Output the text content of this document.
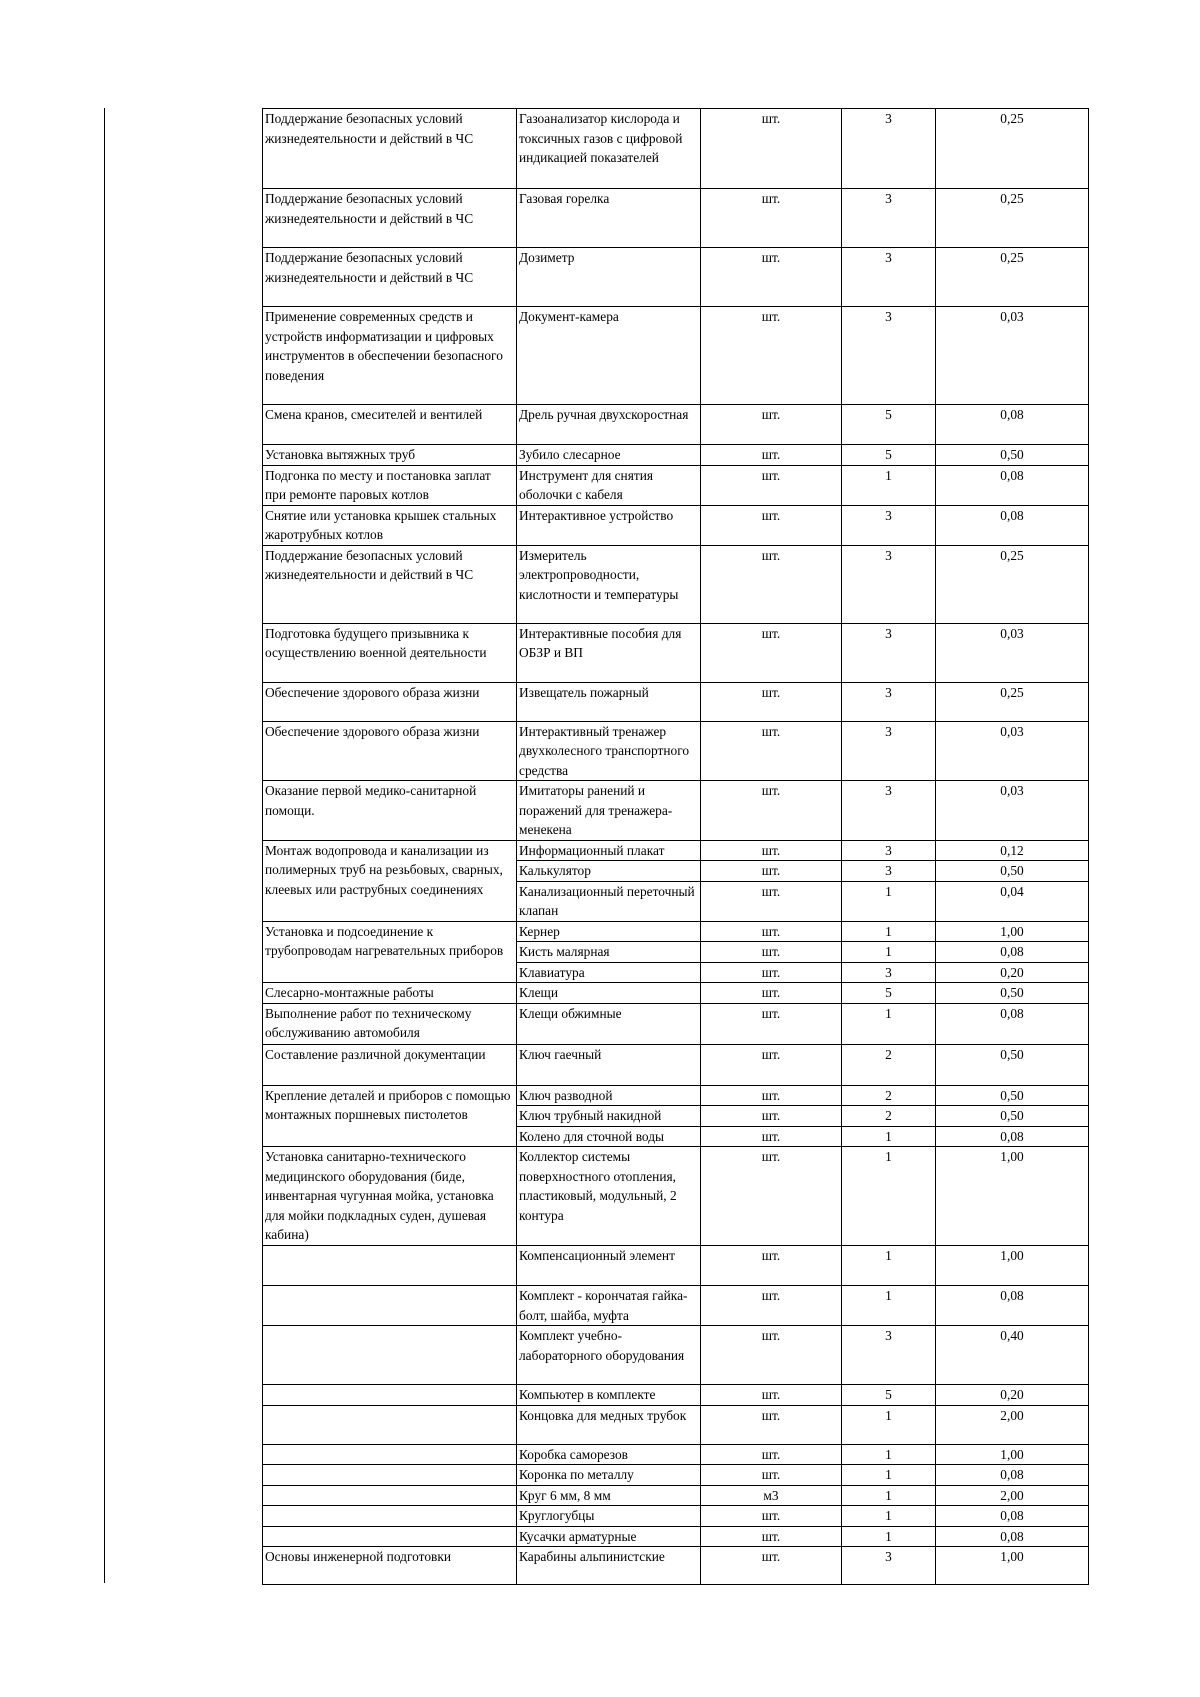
Поддержание безопасных условий жизнедеятельности и действий в ЧС	Газоанализатор кислорода и токсичных газов с цифровой индикацией показателей	шт.	3	0,25
Поддержание безопасных условий жизнедеятельности и действий в ЧС	Газовая горелка	шт.	3	0,25
Поддержание безопасных условий жизнедеятельности и действий в ЧС	Дозиметр	шт.	3	0,25
Применение современных средств и устройств информатизации и цифровых инструментов в обеспечении безопасного поведения	Документ-камера	шт.	3	0,03
Смена кранов, смесителей и вентилей	Дрель ручная двухскоростная	шт.	5	0,08
Установка вытяжных труб	Зубило слесарное	шт.	5	0,50
Подгонка по месту и постановка заплат при ремонте паровых котлов	Инструмент для снятия оболочки с кабеля	шт.	1	0,08
Снятие или установка крышек стальных жаротрубных котлов	Интерактивное устройство	шт.	3	0,08
Поддержание безопасных условий жизнедеятельности и действий в ЧС	Измеритель электропроводности, кислотности и температуры	шт.	3	0,25
Подготовка будущего призывника к осуществлению военной деятельности	Интерактивные пособия для ОБЗР и ВП	шт.	3	0,03
Обеспечение здорового образа жизни	Извещатель пожарный	шт.	3	0,25
Обеспечение здорового образа жизни	Интерактивный тренажер двухколесного транспортного средства	шт.	3	0,03
Оказание первой медико-санитарной помощи.	Имитаторы ранений и поражений для тренажера-менекена	шт.	3	0,03
Монтаж водопровода и канализации из полимерных труб на резьбовых, сварных, клеевых или раструбных соединениях	Информационный плакат	шт.	3	0,12
	Калькулятор	шт.	3	0,50
	Канализационный переточный клапан	шт.	1	0,04
Установка и подсоединение к трубопроводам нагревательных приборов	Кернер	шт.	1	1,00
	Кисть малярная	шт.	1	0,08
	Клавиатура	шт.	3	0,20
Слесарно-монтажные работы	Клещи	шт.	5	0,50
Выполнение работ по техническому обслуживанию автомобиля	Клещи обжимные	шт.	1	0,08
Составление различной документации	Ключ гаечный	шт.	2	0,50
Крепление деталей и приборов с помощью монтажных поршневых пистолетов	Ключ разводной	шт.	2	0,50
	Ключ трубный накидной	шт.	2	0,50
	Колено для сточной воды	шт.	1	0,08
Установка санитарно-технического медицинского оборудования (биде, инвентарная чугунная мойка, установка для мойки подкладных суден, душевая кабина)	Коллектор системы поверхностного отопления, пластиковый, модульный, 2 контура	шт.	1	1,00
	Компенсационный элемент	шт.	1	1,00
	Комплект - корончатая гайка-болт, шайба, муфта	шт.	1	0,08
	Комплект учебно-лабораторного оборудования	шт.	3	0,40
	Компьютер в комплекте	шт.	5	0,20
	Концовка для медных трубок	шт.	1	2,00
	Коробка саморезов	шт.	1	1,00
	Коронка по металлу	шт.	1	0,08
	Круг 6 мм, 8 мм	м3	1	2,00
	Круглогубцы	шт.	1	0,08
	Кусачки арматурные	шт.	1	0,08
Основы инженерной подготовки	Карабины альпинистские	шт.	3	1,00
